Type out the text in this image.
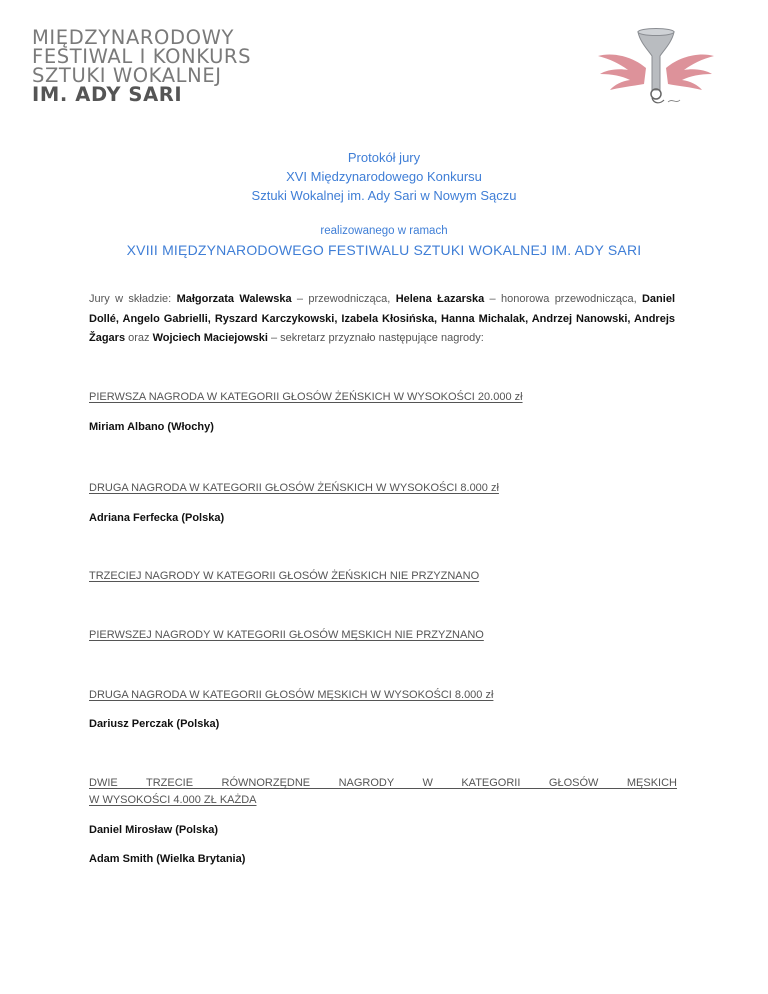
MIĘDZYNARODOWY
FESTIWAL I KONKURS
SZTUKI WOKALNEJ
IM. ADY SARI
Protokół jury
XVI Międzynarodowego Konkursu
Sztuki Wokalnej im. Ady Sari w Nowym Sączu
realizowanego w ramach
XVIII MIĘDZYNARODOWEGO FESTIWALU SZTUKI WOKALNEJ IM. ADY SARI
Jury w składzie: Małgorzata Walewska – przewodnicząca, Helena Łazarska – honorowa przewodnicząca, Daniel Dollé, Angelo Gabrielli, Ryszard Karczykowski, Izabela Kłosińska, Hanna Michalak, Andrzej Nanowski, Andrejs Žagars oraz Wojciech Maciejowski – sekretarz przyznało następujące nagrody:
PIERWSZA NAGRODA W KATEGORII GŁOSÓW ŻEŃSKICH W WYSOKOŚCI 20.000 zł
Miriam Albano (Włochy)
DRUGA NAGRODA W KATEGORII GŁOSÓW ŻEŃSKICH W WYSOKOŚCI 8.000 zł
Adriana Ferfecka (Polska)
TRZECIEJ NAGRODY W KATEGORII GŁOSÓW ŻEŃSKICH NIE PRZYZNANO
PIERWSZEJ NAGRODY W KATEGORII GŁOSÓW MĘSKICH NIE PRZYZNANO
DRUGA NAGRODA W KATEGORII GŁOSÓW MĘSKICH W WYSOKOŚCI 8.000 zł
Dariusz Perczak (Polska)
DWIE TRZECIE RÓWNORZĘDNE NAGRODY W KATEGORII GŁOSÓW MĘSKICH
W WYSOKOŚCI 4.000 ZŁ KAŻDA
Daniel Mirosław (Polska)
Adam Smith (Wielka Brytania)
